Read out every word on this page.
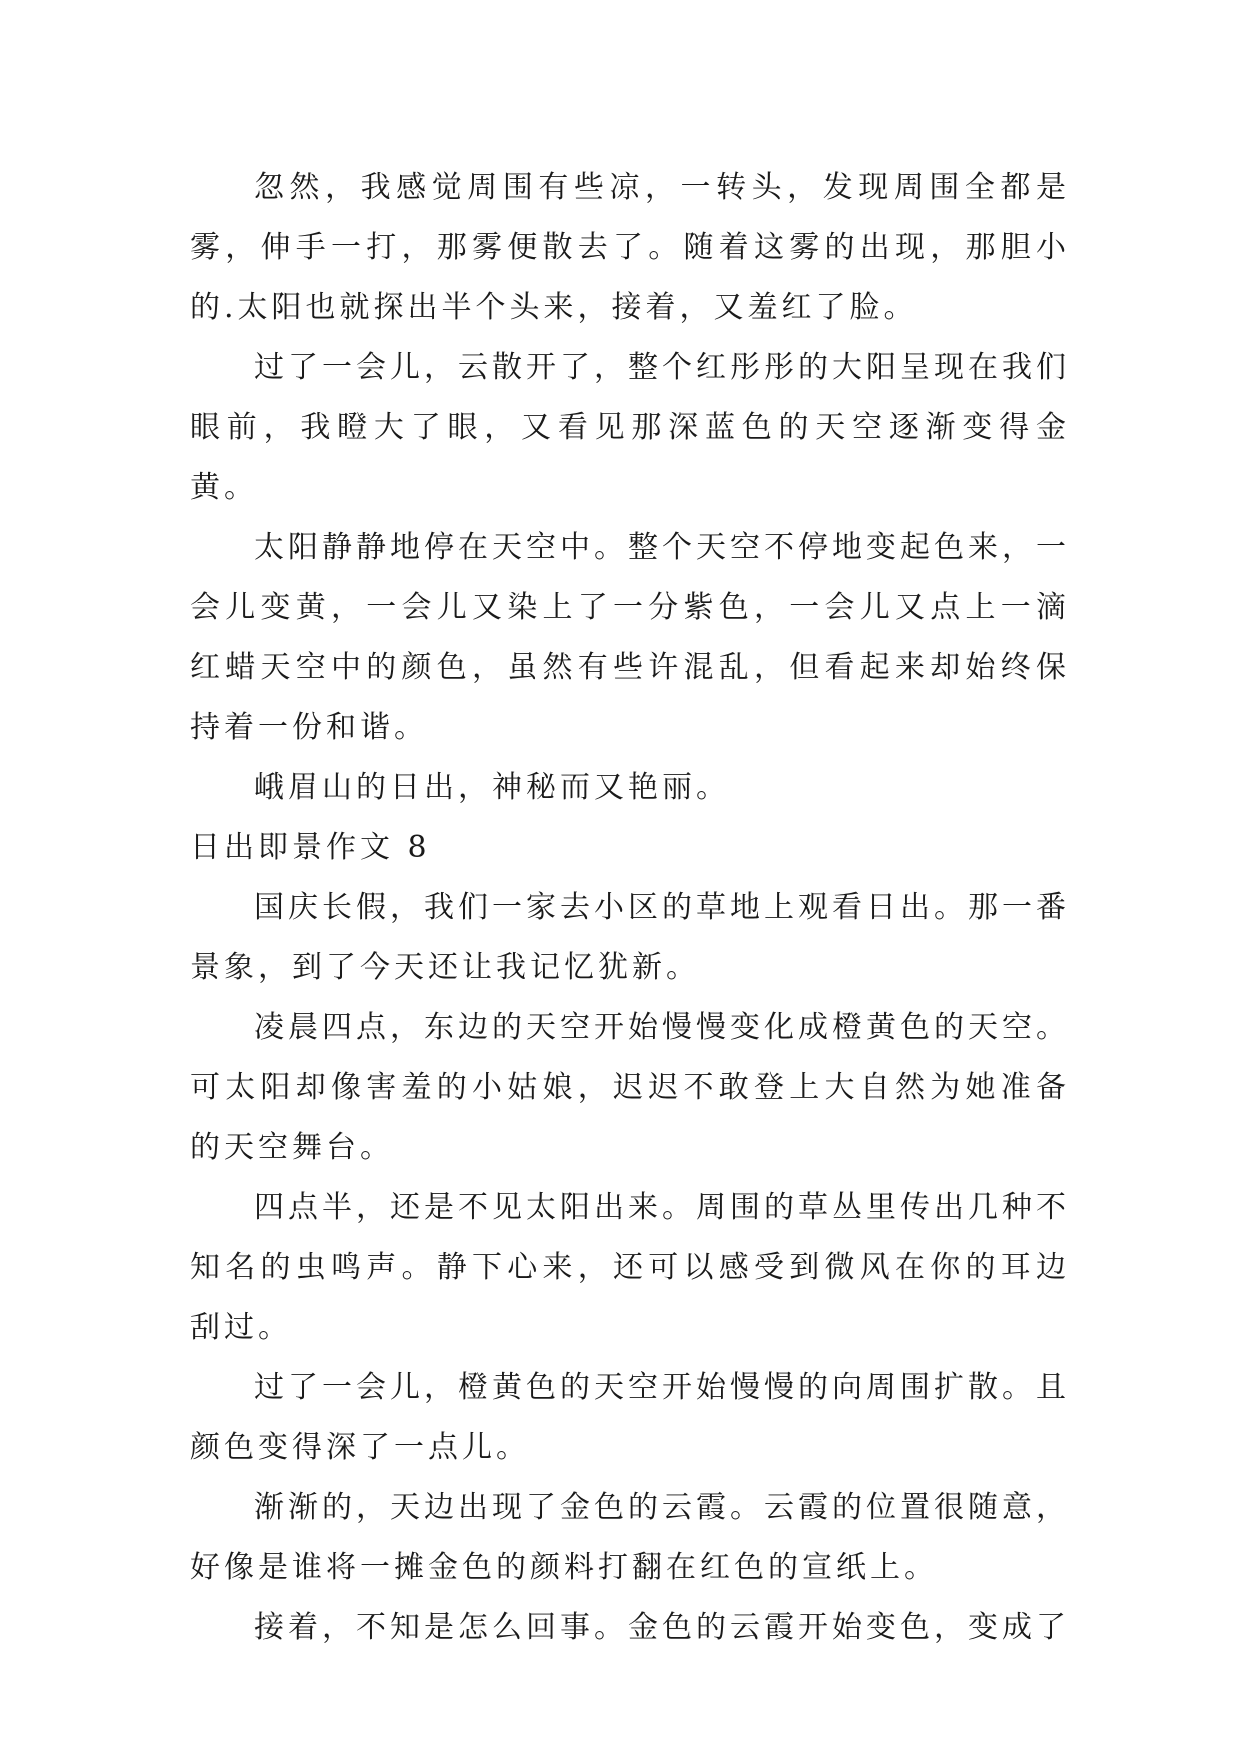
忽然，我感觉周围有些凉，一转头，发现周围全都是雾，伸手一打，那雾便散去了。随着这雾的出现，那胆小的.太阳也就探出半个头来，接着，又羞红了脸。

过了一会儿，云散开了，整个红彤彤的大阳呈现在我们眼前，我瞪大了眼，又看见那深蓝色的天空逐渐变得金黄。

太阳静静地停在天空中。整个天空不停地变起色来，一会儿变黄，一会儿又染上了一分紫色，一会儿又点上一滴红蜡天空中的颜色，虽然有些许混乱，但看起来却始终保持着一份和谐。

峨眉山的日出，神秘而又艳丽。

日出即景作文 8

国庆长假，我们一家去小区的草地上观看日出。那一番景象，到了今天还让我记忆犹新。

凌晨四点，东边的天空开始慢慢变化成橙黄色的天空。可太阳却像害羞的小姑娘，迟迟不敢登上大自然为她准备的天空舞台。

四点半，还是不见太阳出来。周围的草丛里传出几种不知名的虫鸣声。静下心来，还可以感受到微风在你的耳边刮过。

过了一会儿，橙黄色的天空开始慢慢的向周围扩散。且颜色变得深了一点儿。

渐渐的，天边出现了金色的云霞。云霞的位置很随意，好像是谁将一摊金色的颜料打翻在红色的宣纸上。

接着，不知是怎么回事。金色的云霞开始变色，变成了
